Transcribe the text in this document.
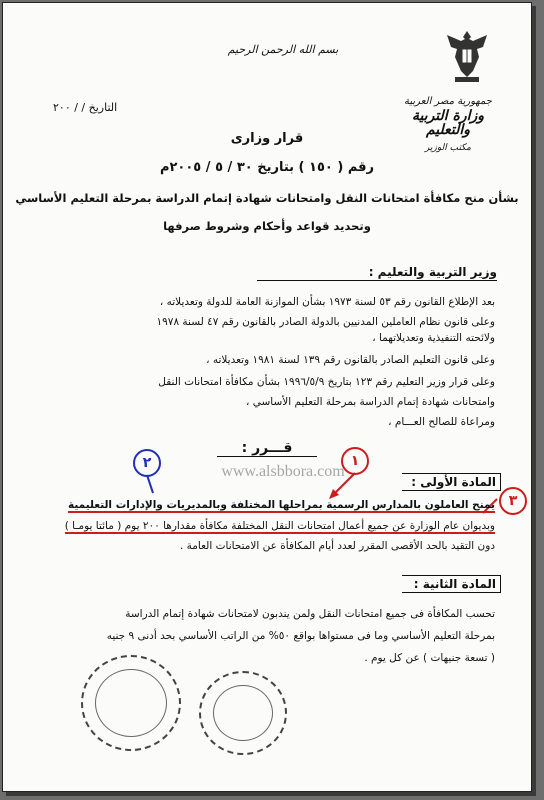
بسم الله الرحمن الرحيم
التاريخ / / ٢٠٠	جمهورية مصر العربية
وزارة التربية والتعليم
مكتب الوزير
قرار وزارى
رقم ( ١٥٠ ) بتاريخ ٣٠ / ٥ / ٢٠٠٥م
بشأن منح مكافأة امتحانات النقل وامتحانات شهادة إتمام الدراسة بمرحلة التعليم الأساسي
وتحديد قواعد وأحكام وشروط صرفها
وزير التربية والتعليم :
بعد الإطلاع القانون رقم ٥٣ لسنة ١٩٧٣ بشأن الموازنة العامة للدولة وتعديلاته ،
وعلى قانون نظام العاملين المدنيين بالدولة الصادر بالقانون رقم ٤٧ لسنة ١٩٧٨
ولائحته التنفيذية وتعديلاتهما ،
وعلى قانون التعليم الصادر بالقانون رقم ١٣٩ لسنة ١٩٨١ وتعديلاته ،
وعلى قرار وزير التعليم رقم ١٢٣ بتاريخ ١٩٩٦/٥/٩ بشأن مكافأة امتحانات النقل
وامتحانات شهادة إتمام الدراسة بمرحلة التعليم الأساسي ،
ومراعاة للصالح العـــام ،
قـــرر :
www.alsbbora.com
٢	١
٣
المادة الأولى :
يمنح العاملون بالمدارس الرسمية بمراحلها المختلفة وبالمديريات والإدارات التعليمية
وبديوان عام الوزارة عن جميع أعمال امتحانات النقل المختلفة مكافأة مقدارها ٢٠٠ يوم ( مائتا يومـا )
دون التقيد بالحد الأقصى المقرر لعدد أيام المكافأة عن الامتحانات العامة .
المادة الثانية :
تحسب المكافأة فى جميع امتحانات النقل ولمن يندبون لامتحانات شهادة إتمام الدراسة
بمرحلة التعليم الأساسي وما فى مستواها بواقع ٥٠% من الراتب الأساسي بحد أدنى ٩ جنيه
( تسعة جنيهات ) عن كل يوم .
